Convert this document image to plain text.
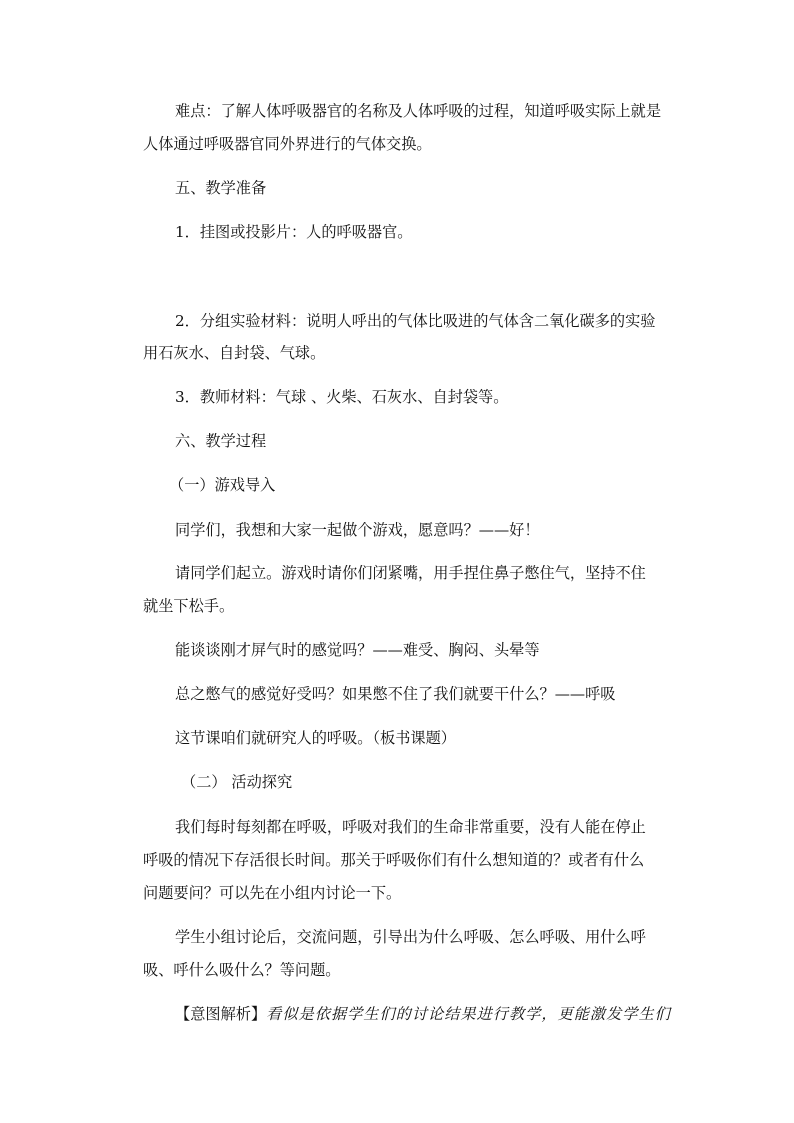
难点：了解人体呼吸器官的名称及人体呼吸的过程，知道呼吸实际上就是
人体通过呼吸器官同外界进行的气体交换。
五、教学准备
1．挂图或投影片：人的呼吸器官。
2．分组实验材料：说明人呼出的气体比吸进的气体含二氧化碳多的实验
用石灰水、自封袋、气球。
3．教师材料：气球 、火柴、石灰水、自封袋等。
六、教学过程
（一）游戏导入
同学们，我想和大家一起做个游戏，愿意吗？——好！
请同学们起立。游戏时请你们闭紧嘴，用手捏住鼻子憋住气，坚持不住
就坐下松手。
能谈谈刚才屏气时的感觉吗？——难受、胸闷、头晕等
总之憋气的感觉好受吗？如果憋不住了我们就要干什么？——呼吸
这节课咱们就研究人的呼吸。（板书课题）
（二） 活动探究
我们每时每刻都在呼吸，呼吸对我们的生命非常重要，没有人能在停止
呼吸的情况下存活很长时间。那关于呼吸你们有什么想知道的？或者有什么
问题要问？可以先在小组内讨论一下。
学生小组讨论后，交流问题，引导出为什么呼吸、怎么呼吸、用什么呼
吸、呼什么吸什么？等问题。
【意图解析】看似是依据学生们的讨论结果进行教学，更能激发学生们
